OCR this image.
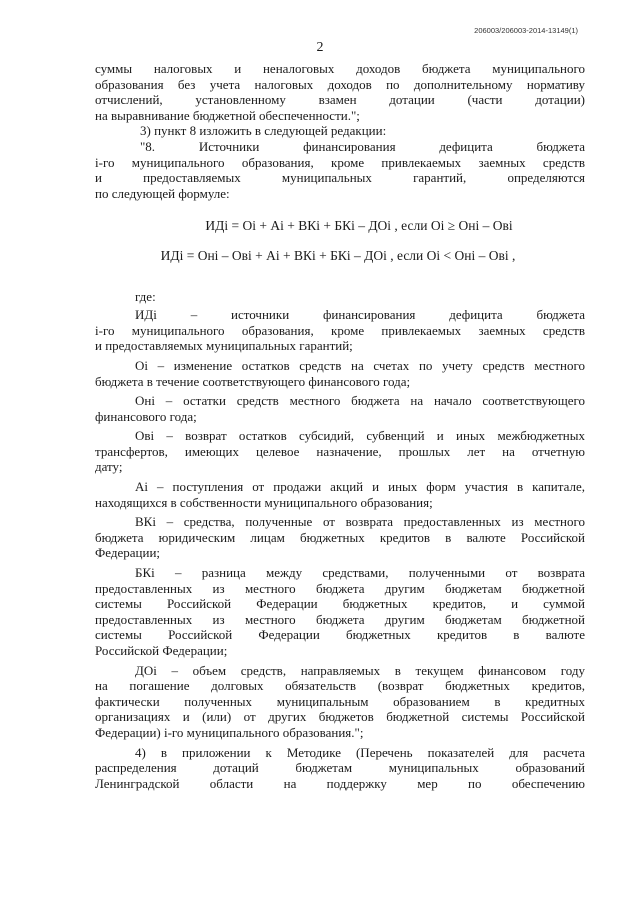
206003/206003-2014-13149(1)
2

суммы налоговых и неналоговых доходов бюджета муниципального

образования без учета налоговых доходов по дополнительному нормативу

отчислений, установленному взамен дотации (части дотации)

на выравнивание бюджетной обеспеченности.";

3) пункт 8 изложить в следующей редакции:

"8. Источники финансирования дефицита бюджета

i-го муниципального образования, кроме привлекаемых заемных средств

и предоставляемых муниципальных гарантий, определяются

по следующей формуле:

ИДi = Оi + Аi + ВКi + БКi – ДОi , если Оi ≥ Онi – Овi

ИДi = Онi – Овi + Аi + ВКi + БКi – ДОi , если Оi < Онi – Овi ,

где:

ИДi – источники финансирования дефицита бюджета

i-го муниципального образования, кроме привлекаемых заемных средств

и предоставляемых муниципальных гарантий;

Оi – изменение остатков средств на счетах по учету средств местного

бюджета в течение соответствующего финансового года;

Онi – остатки средств местного бюджета на начало соответствующего

финансового года;

Овi – возврат остатков субсидий, субвенций и иных межбюджетных

трансфертов, имеющих целевое назначение, прошлых лет на отчетную

дату;

Аi – поступления от продажи акций и иных форм участия в капитале,

находящихся в собственности муниципального образования;

ВКi – средства, полученные от возврата предоставленных из местного

бюджета юридическим лицам бюджетных кредитов в валюте Российской

Федерации;

БКi – разница между средствами, полученными от возврата

предоставленных из местного бюджета другим бюджетам бюджетной

системы Российской Федерации бюджетных кредитов, и суммой

предоставленных из местного бюджета другим бюджетам бюджетной

системы Российской Федерации бюджетных кредитов в валюте

Российской Федерации;

ДОi – объем средств, направляемых в текущем финансовом году

на погашение долговых обязательств (возврат бюджетных кредитов,

фактически полученных муниципальным образованием в кредитных

организациях и (или) от других бюджетов бюджетной системы Российской

Федерации) i-го муниципального образования.";

4) в приложении к Методике (Перечень показателей для расчета

распределения дотаций бюджетам муниципальных образований

Ленинградской области на поддержку мер по обеспечению
